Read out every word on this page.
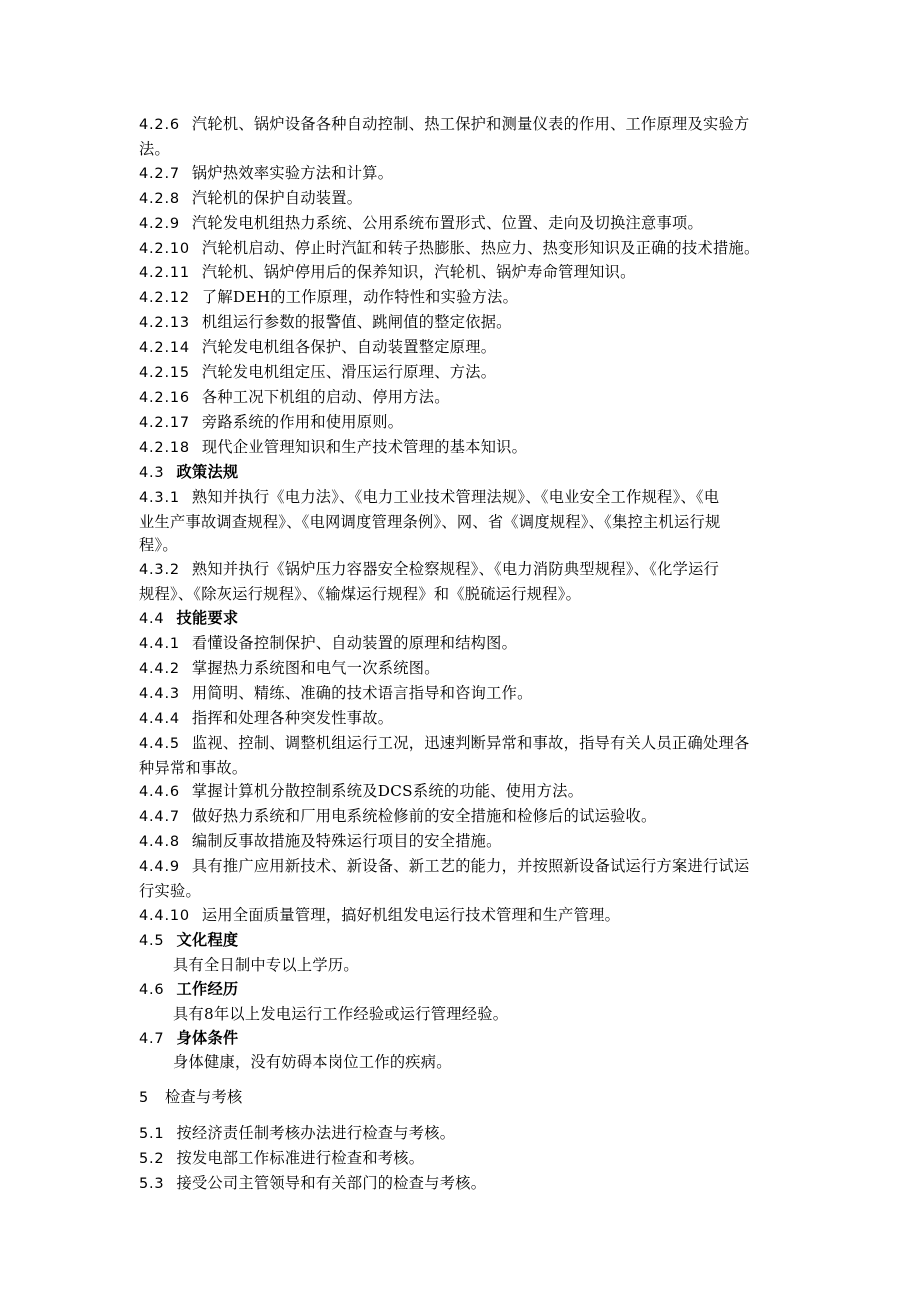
4.2.6 汽轮机、锅炉设备各种自动控制、热工保护和测量仪表的作用、工作原理及实验方
法。
4.2.7 锅炉热效率实验方法和计算。
4.2.8 汽轮机的保护自动装置。
4.2.9 汽轮发电机组热力系统、公用系统布置形式、位置、走向及切换注意事项。
4.2.10 汽轮机启动、停止时汽缸和转子热膨胀、热应力、热变形知识及正确的技术措施。
4.2.11 汽轮机、锅炉停用后的保养知识，汽轮机、锅炉寿命管理知识。
4.2.12 了解DEH的工作原理，动作特性和实验方法。
4.2.13 机组运行参数的报警值、跳闸值的整定依据。
4.2.14 汽轮发电机组各保护、自动装置整定原理。
4.2.15 汽轮发电机组定压、滑压运行原理、方法。
4.2.16 各种工况下机组的启动、停用方法。
4.2.17 旁路系统的作用和使用原则。
4.2.18 现代企业管理知识和生产技术管理的基本知识。
4.3 政策法规
4.3.1 熟知并执行《电力法》、《电力工业技术管理法规》、《电业安全工作规程》、《电
业生产事故调查规程》、《电网调度管理条例》、网、省《调度规程》、《集控主机运行规
程》。
4.3.2 熟知并执行《锅炉压力容器安全检察规程》、《电力消防典型规程》、《化学运行
规程》、《除灰运行规程》、《输煤运行规程》和《脱硫运行规程》。
4.4 技能要求
4.4.1 看懂设备控制保护、自动装置的原理和结构图。
4.4.2 掌握热力系统图和电气一次系统图。
4.4.3 用简明、精练、准确的技术语言指导和咨询工作。
4.4.4 指挥和处理各种突发性事故。
4.4.5 监视、控制、调整机组运行工况，迅速判断异常和事故，指导有关人员正确处理各
种异常和事故。
4.4.6 掌握计算机分散控制系统及DCS系统的功能、使用方法。
4.4.7 做好热力系统和厂用电系统检修前的安全措施和检修后的试运验收。
4.4.8 编制反事故措施及特殊运行项目的安全措施。
4.4.9 具有推广应用新技术、新设备、新工艺的能力，并按照新设备试运行方案进行试运
行实验。
4.4.10 运用全面质量管理，搞好机组发电运行技术管理和生产管理。
4.5 文化程度
具有全日制中专以上学历。
4.6 工作经历
具有8年以上发电运行工作经验或运行管理经验。
4.7 身体条件
身体健康，没有妨碍本岗位工作的疾病。
5 检查与考核
5.1 按经济责任制考核办法进行检查与考核。
5.2 按发电部工作标准进行检查和考核。
5.3 接受公司主管领导和有关部门的检查与考核。
